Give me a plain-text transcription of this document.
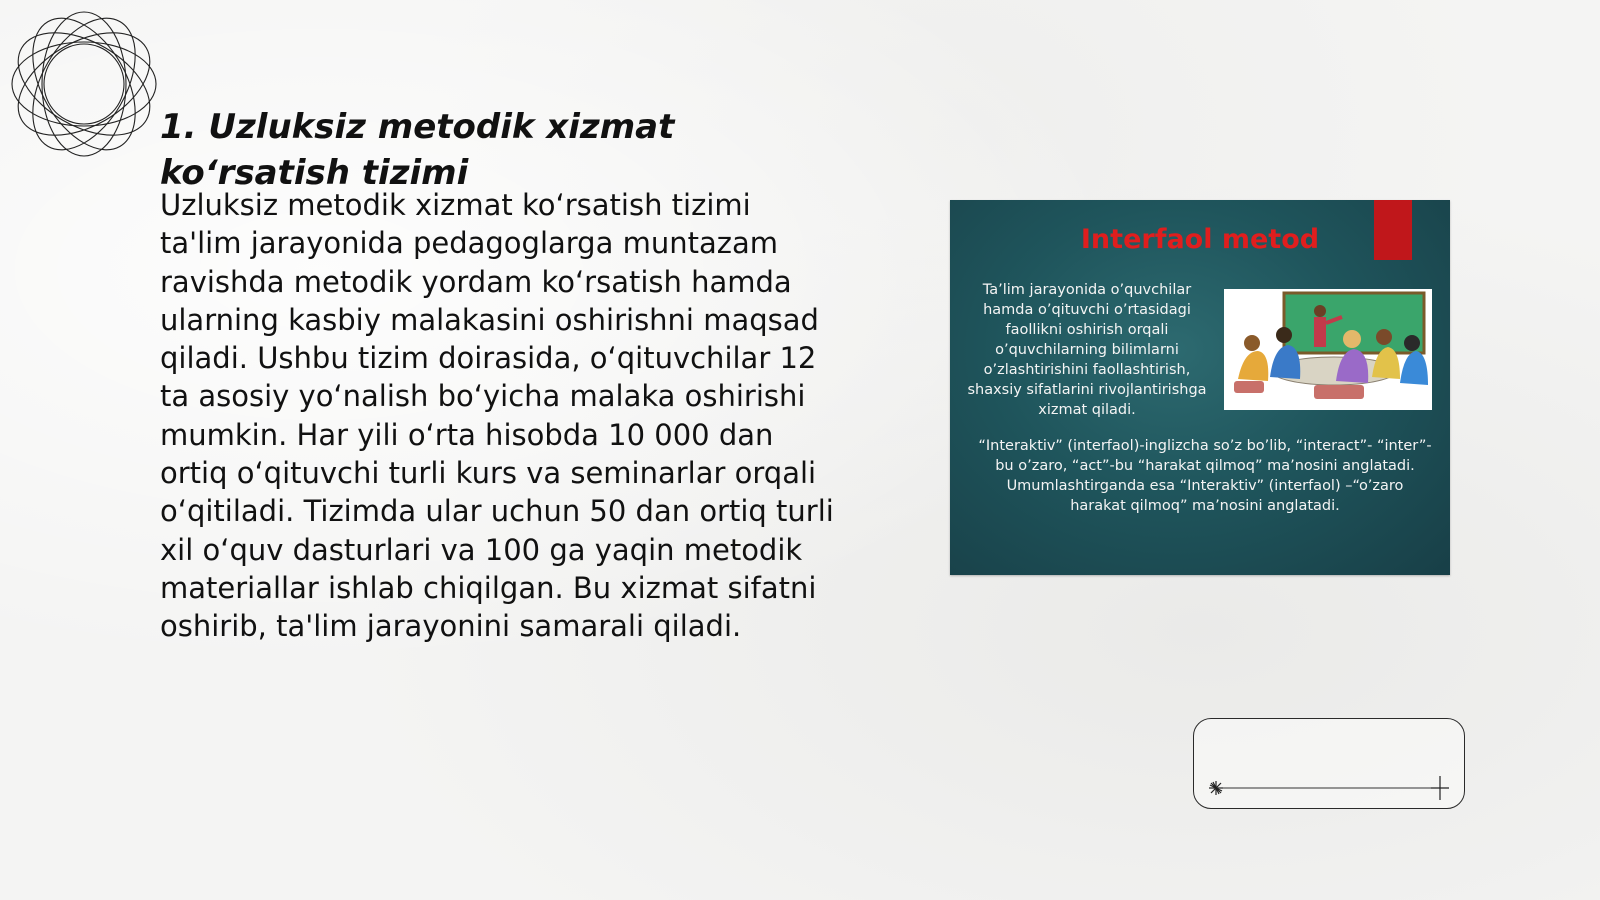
1. Uzluksiz metodik xizmat ko‘rsatish tizimi

Uzluksiz metodik xizmat ko‘rsatish tizimi ta'lim jarayonida pedagoglarga muntazam ravishda metodik yordam ko‘rsatish hamda ularning kasbiy malakasini oshirishni maqsad qiladi. Ushbu tizim doirasida, o‘qituvchilar 12 ta asosiy yo‘nalish bo‘yicha malaka oshirishi mumkin. Har yili o‘rta hisobda 10 000 dan ortiq o‘qituvchi turli kurs va seminarlar orqali o‘qitiladi. Tizimda ular uchun 50 dan ortiq turli xil o‘quv dasturlari va 100 ga yaqin metodik materiallar ishlab chiqilgan. Bu xizmat sifatni oshirib, ta'lim jarayonini samarali qiladi.

Interfaol metod
Ta’lim jarayonida o’quvchilar hamda o’qituvchi o’rtasidagi faollikni oshirish orqali o’quvchilarning bilimlarni o’zlashtirishini faollashtirish, shaxsiy sifatlarini rivojlantirishga xizmat qiladi.
“Interaktiv” (interfaol)-inglizcha so’z bo’lib, “interact”- “inter”-bu o’zaro, “act”-bu “harakat qilmoq” ma’nosini anglatadi. Umumlashtirganda esa “Interaktiv” (interfaol) –“o’zaro harakat qilmoq” ma’nosini anglatadi.
